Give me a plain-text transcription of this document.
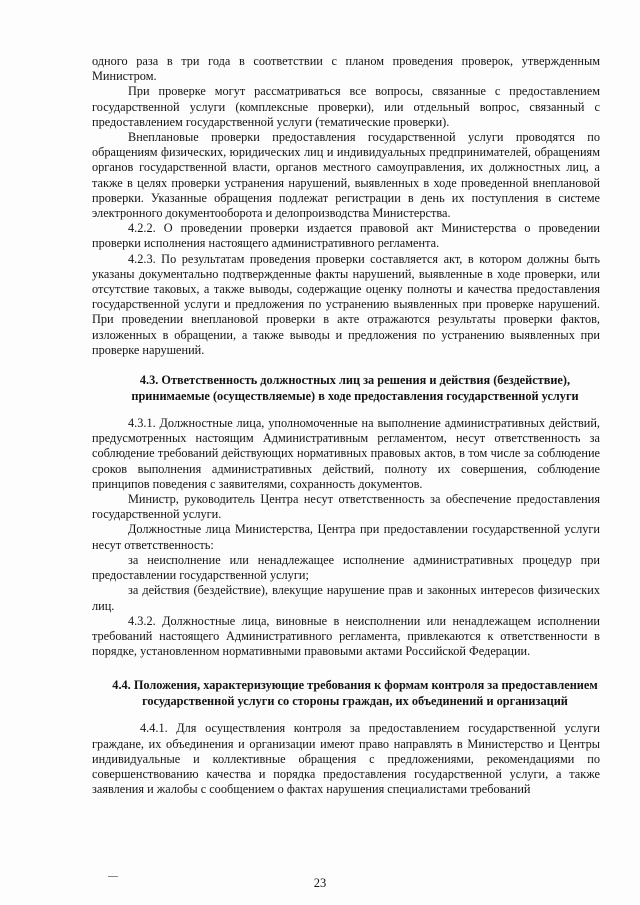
одного раза в три года в соответствии с планом проведения проверок, утвержденным Министром.

При проверке могут рассматриваться все вопросы, связанные с предоставлением государственной услуги (комплексные проверки), или отдельный вопрос, связанный с предоставлением государственной услуги (тематические проверки).

Внеплановые проверки предоставления государственной услуги проводятся по обращениям физических, юридических лиц и индивидуальных предпринимателей, обращениям органов государственной власти, органов местного самоуправления, их должностных лиц, а также в целях проверки устранения нарушений, выявленных в ходе проведенной внеплановой проверки. Указанные обращения подлежат регистрации в день их поступления в системе электронного документооборота и делопроизводства Министерства.

4.2.2. О проведении проверки издается правовой акт Министерства о проведении проверки исполнения настоящего административного регламента.

4.2.3. По результатам проведения проверки составляется акт, в котором должны быть указаны документально подтвержденные факты нарушений, выявленные в ходе проверки, или отсутствие таковых, а также выводы, содержащие оценку полноты и качества предоставления государственной услуги и предложения по устранению выявленных при проверке нарушений. При проведении внеплановой проверки в акте отражаются результаты проверки фактов, изложенных в обращении, а также выводы и предложения по устранению выявленных при проверке нарушений.

4.3. Ответственность должностных лиц за решения и действия (бездействие), принимаемые (осуществляемые) в ходе предоставления государственной услуги

4.3.1. Должностные лица, уполномоченные на выполнение административных действий, предусмотренных настоящим Административным регламентом, несут ответственность за соблюдение требований действующих нормативных правовых актов, в том числе за соблюдение сроков выполнения административных действий, полноту их совершения, соблюдение принципов поведения с заявителями, сохранность документов.

Министр, руководитель Центра несут ответственность за обеспечение предоставления государственной услуги.

Должностные лица Министерства, Центра при предоставлении государственной услуги несут ответственность:

за неисполнение или ненадлежащее исполнение административных процедур при предоставлении государственной услуги;

за действия (бездействие), влекущие нарушение прав и законных интересов физических лиц.

4.3.2. Должностные лица, виновные в неисполнении или ненадлежащем исполнении требований настоящего Административного регламента, привлекаются к ответственности в порядке, установленном нормативными правовыми актами Российской Федерации.

4.4. Положения, характеризующие требования к формам контроля за предоставлением государственной услуги со стороны граждан, их объединений и организаций

4.4.1. Для осуществления контроля за предоставлением государственной услуги граждане, их объединения и организации имеют право направлять в Министерство и Центры индивидуальные и коллективные обращения с предложениями, рекомендациями по совершенствованию качества и порядка предоставления государственной услуги, а также заявления и жалобы с сообщением о фактах нарушения специалистами требований

23
